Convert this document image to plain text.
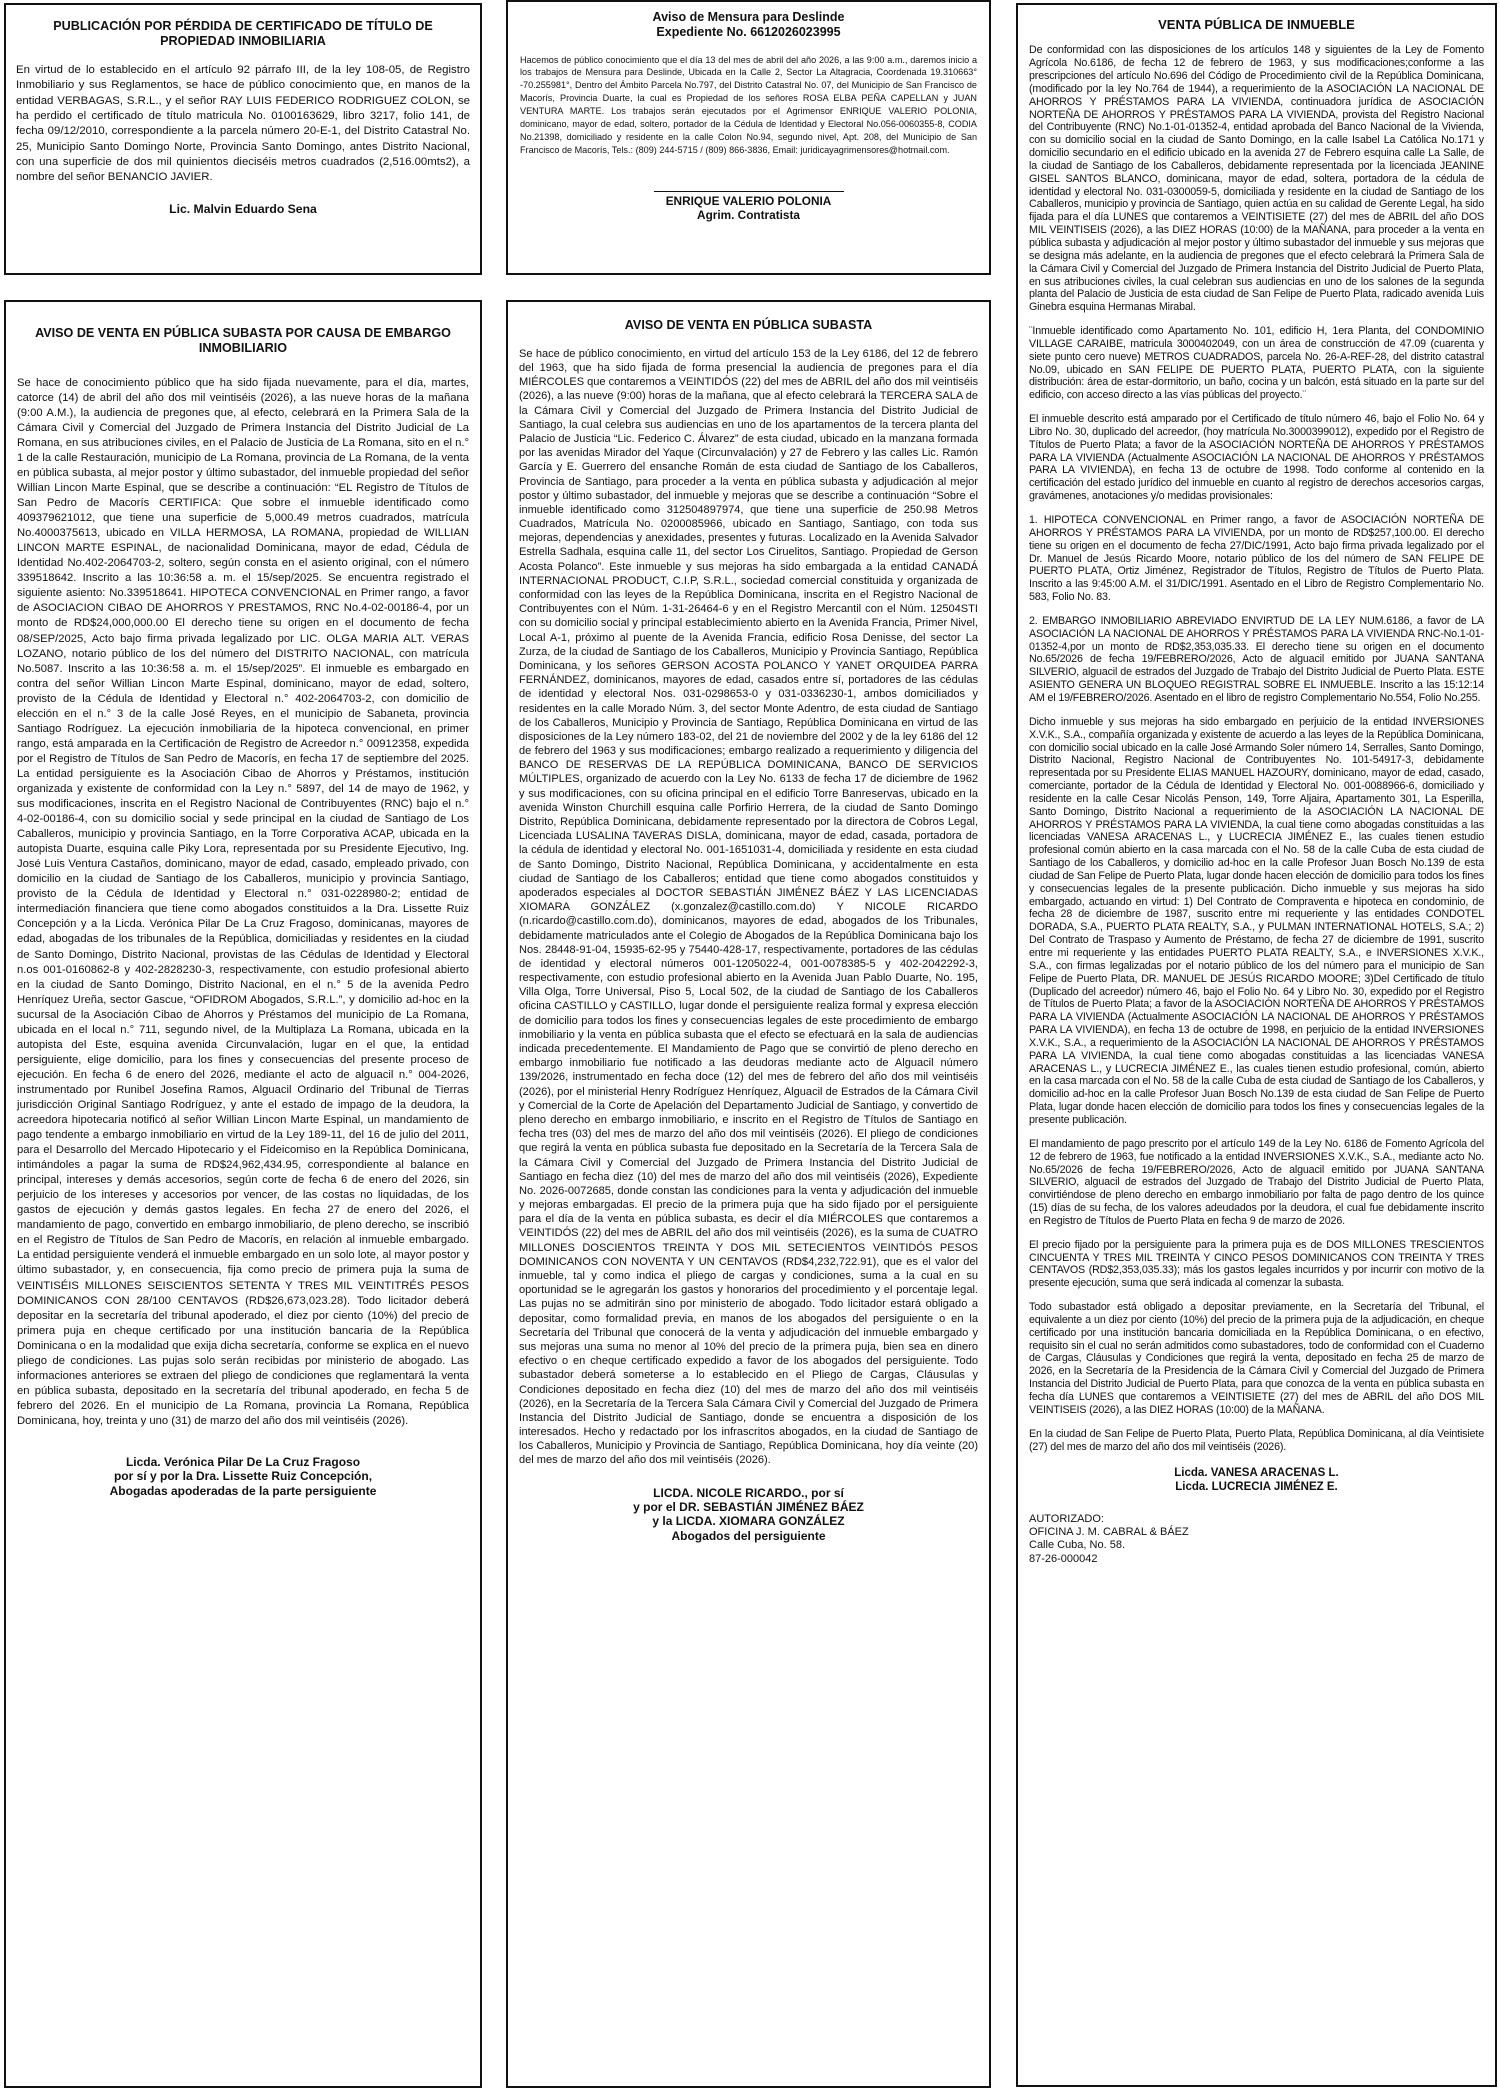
PUBLICACIÓN POR PÉRDIDA DE CERTIFICADO DE TÍTULO DE PROPIEDAD INMOBILIARIA

En virtud de lo establecido en el artículo 92 párrafo III, de la ley 108-05, de Registro Inmobiliario y sus Reglamentos, se hace de público conocimiento que, en manos de la entidad VERBAGAS, S.R.L., y el señor RAY LUIS FEDERICO RODRIGUEZ COLON, se ha perdido el certificado de título matricula No. 0100163629, libro 3217, folio 141, de fecha 09/12/2010, correspondiente a la parcela número 20-E-1, del Distrito Catastral No. 25, Municipio Santo Domingo Norte, Provincia Santo Domingo, antes Distrito Nacional, con una superficie de dos mil quinientos dieciséis metros cuadrados (2,516.00mts2), a nombre del señor BENANCIO JAVIER.

Lic. Malvin Eduardo Sena

Aviso de Mensura para Deslinde
Expediente No. 6612026023995

Hacemos de público conocimiento que el día 13 del mes de abril del año 2026, a las 9:00 a.m., daremos inicio a los trabajos de Mensura para Deslinde, Ubicada en la Calle 2, Sector La Altagracia, Coordenada 19.310663° -70.255981°, Dentro del Ámbito Parcela No.797, del Distrito Catastral No. 07, del Municipio de San Francisco de Macorís, Provincia Duarte, la cual es Propiedad de los señores ROSA ELBA PEÑA CAPELLAN y JUAN VENTURA MARTE. Los trabajos serán ejecutados por el Agrimensor ENRIQUE VALERIO POLONIA, dominicano, mayor de edad, soltero, portador de la Cédula de Identidad y Electoral No.056-0060355-8, CODIA No.21398, domiciliado y residente en la calle Colon No.94, segundo nivel, Apt. 208, del Municipio de San Francisco de Macorís, Tels.: (809) 244-5715 / (809) 866-3836, Email: juridicayagrimensores@hotmail.com.

ENRIQUE VALERIO POLONIA

Agrim. Contratista

VENTA PÚBLICA DE INMUEBLE

De conformidad con las disposiciones de los artículos 148 y siguientes de la Ley de Fomento Agrícola No.6186, de fecha 12 de febrero de 1963, y sus modificaciones;conforme a las prescripciones del artículo No.696 del Código de Procedimiento civil de la República Dominicana, (modificado por la ley No.764 de 1944), a requerimiento de la ASOCIACIÓN LA NACIONAL DE AHORROS Y PRÉSTAMOS PARA LA VIVIENDA, continuadora jurídica de ASOCIACIÓN NORTEÑA DE AHORROS Y PRÉSTAMOS PARA LA VIVIENDA, provista del Registro Nacional del Contribuyente (RNC) No.1-01-01352-4, entidad aprobada del Banco Nacional de la Vivienda, con su domicilio social en la ciudad de Santo Domingo, en la calle Isabel La Católica No.171 y domicilio secundario en el edificio ubicado en la avenida 27 de Febrero esquina calle La Salle, de la ciudad de Santiago de los Caballeros, debidamente representada por la licenciada JEANINE GISEL SANTOS BLANCO, dominicana, mayor de edad, soltera, portadora de la cédula de identidad y electoral No. 031-0300059-5, domiciliada y residente en la ciudad de Santiago de los Caballeros, municipio y provincia de Santiago, quien actúa en su calidad de Gerente Legal, ha sido fijada para el día LUNES que contaremos a VEINTISIETE (27) del mes de ABRIL del año DOS MIL VEINTISEIS (2026), a las DIEZ HORAS (10:00) de la MAÑANA, para proceder a la venta en pública subasta y adjudicación al mejor postor y último subastador del inmueble y sus mejoras que se designa más adelante, en la audiencia de pregones que el efecto celebrará la Primera Sala de la Cámara Civil y Comercial del Juzgado de Primera Instancia del Distrito Judicial de Puerto Plata, en sus atribuciones civiles, la cual celebran sus audiencias en uno de los salones de la segunda planta del Palacio de Justicia de esta ciudad de San Felipe de Puerto Plata, radicado avenida Luis Ginebra esquina Hermanas Mirabal.

¨Inmueble identificado como Apartamento No. 101, edificio H, 1era Planta, del CONDOMINIO VILLAGE CARAIBE, matricula 3000402049, con un área de construcción de 47.09 (cuarenta y siete punto cero nueve) METROS CUADRADOS, parcela No. 26-A-REF-28, del distrito catastral No.09, ubicado en SAN FELIPE DE PUERTO PLATA, PUERTO PLATA, con la siguiente distribución: área de estar-dormitorio, un baño, cocina y un balcón, está situado en la parte sur del edificio, con acceso directo a las vías públicas del proyecto.¨

El inmueble descrito está amparado por el Certificado de título número 46, bajo el Folio No. 64 y Libro No. 30, duplicado del acreedor, (hoy matrícula No.3000399012), expedido por el Registro de Títulos de Puerto Plata; a favor de la ASOCIACIÓN NORTEÑA DE AHORROS Y PRÉSTAMOS PARA LA VIVIENDA (Actualmente ASOCIACIÓN LA NACIONAL DE AHORROS Y PRÉSTAMOS PARA LA VIVIENDA), en fecha 13 de octubre de 1998. Todo conforme al contenido en la certificación del estado jurídico del inmueble en cuanto al registro de derechos accesorios cargas, gravámenes, anotaciones y/o medidas provisionales:

1. HIPOTECA CONVENCIONAL en Primer rango, a favor de ASOCIACIÓN NORTEÑA DE AHORROS Y PRÉSTAMOS PARA LA VIVIENDA, por un monto de RD$257,100.00. El derecho tiene su origen en el documento de fecha 27/DIC/1991, Acto bajo firma privada legalizado por el Dr. Manuel de Jesús Ricardo Moore, notario público de los del número de SAN FELIPE DE PUERTO PLATA, Ortiz Jiménez, Registrador de Títulos, Registro de Títulos de Puerto Plata. Inscrito a las 9:45:00 A.M. el 31/DIC/1991. Asentado en el Libro de Registro Complementario No. 583, Folio No. 83.

2. EMBARGO INMOBILIARIO ABREVIADO ENVIRTUD DE LA LEY NUM.6186, a favor de LA ASOCIACIÓN LA NACIONAL DE AHORROS Y PRÉSTAMOS PARA LA VIVIENDA RNC-No.1-01-01352-4,por un monto de RD$2,353,035.33. El derecho tiene su origen en el documento No.65/2026 de fecha 19/FEBRERO/2026, Acto de alguacil emitido por JUANA SANTANA SILVERIO, alguacil de estrados del Juzgado de Trabajo del Distrito Judicial de Puerto Plata. ESTE ASIENTO GENERA UN BLOQUEO REGISTRAL SOBRE EL INMUEBLE. Inscrito a las 15:12:14 AM el 19/FEBRERO/2026. Asentado en el libro de registro Complementario No.554, Folio No.255.

Dicho inmueble y sus mejoras ha sido embargado en perjuicio de la entidad INVERSIONES X.V.K., S.A., compañía organizada y existente de acuerdo a las leyes de la República Dominicana, con domicilio social ubicado en la calle José Armando Soler número 14, Serralles, Santo Domingo, Distrito Nacional, Registro Nacional de Contribuyentes No. 101-54917-3, debidamente representada por su Presidente ELIAS MANUEL HAZOURY, dominicano, mayor de edad, casado, comerciante, portador de la Cédula de Identidad y Electoral No. 001-0088966-6, domiciliado y residente en la calle Cesar Nicolás Penson, 149, Torre Aljaira, Apartamento 301, La Esperilla, Santo Domingo, Distrito Nacional a requerimiento de la ASOCIACIÓN LA NACIONAL DE AHORROS Y PRÉSTAMOS PARA LA VIVIENDA, la cual tiene como abogadas constituidas a las licenciadas VANESA ARACENAS L., y LUCRECIA JIMÉNEZ E., las cuales tienen estudio profesional común abierto en la casa marcada con el No. 58 de la calle Cuba de esta ciudad de Santiago de los Caballeros, y domicilio ad-hoc en la calle Profesor Juan Bosch No.139 de esta ciudad de San Felipe de Puerto Plata, lugar donde hacen elección de domicilio para todos los fines y consecuencias legales de la presente publicación. Dicho inmueble y sus mejoras ha sido embargado, actuando en virtud: 1) Del Contrato de Compraventa e hipoteca en condominio, de fecha 28 de diciembre de 1987, suscrito entre mi requeriente y las entidades CONDOTEL DORADA, S.A., PUERTO PLATA REALTY, S.A., y PULMAN INTERNATIONAL HOTELS, S.A.; 2) Del Contrato de Traspaso y Aumento de Préstamo, de fecha 27 de diciembre de 1991, suscrito entre mi requeriente y las entidades PUERTO PLATA REALTY, S.A., e INVERSIONES X.V.K., S.A., con firmas legalizadas por el notario público de los del número para el municipio de San Felipe de Puerto Plata, DR. MANUEL DE JESÚS RICARDO MOORE; 3)Del Certificado de título (Duplicado del acreedor) número 46, bajo el Folio No. 64 y Libro No. 30, expedido por el Registro de Títulos de Puerto Plata; a favor de la ASOCIACIÓN NORTEÑA DE AHORROS Y PRÉSTAMOS PARA LA VIVIENDA (Actualmente ASOCIACIÓN LA NACIONAL DE AHORROS Y PRÉSTAMOS PARA LA VIVIENDA), en fecha 13 de octubre de 1998, en perjuicio de la entidad INVERSIONES X.V.K., S.A., a requerimiento de la ASOCIACIÓN LA NACIONAL DE AHORROS Y PRÉSTAMOS PARA LA VIVIENDA, la cual tiene como abogadas constituidas a las licenciadas VANESA ARACENAS L., y LUCRECIA JIMÉNEZ E., las cuales tienen estudio profesional, común, abierto en la casa marcada con el No. 58 de la calle Cuba de esta ciudad de Santiago de los Caballeros, y domicilio ad-hoc en la calle Profesor Juan Bosch No.139 de esta ciudad de San Felipe de Puerto Plata, lugar donde hacen elección de domicilio para todos los fines y consecuencias legales de la presente publicación.

El mandamiento de pago prescrito por el artículo 149 de la Ley No. 6186 de Fomento Agrícola del 12 de febrero de 1963, fue notificado a la entidad INVERSIONES X.V.K., S.A., mediante acto No. No.65/2026 de fecha 19/FEBRERO/2026, Acto de alguacil emitido por JUANA SANTANA SILVERIO, alguacil de estrados del Juzgado de Trabajo del Distrito Judicial de Puerto Plata, convirtiéndose de pleno derecho en embargo inmobiliario por falta de pago dentro de los quince (15) días de su fecha, de los valores adeudados por la deudora, el cual fue debidamente inscrito en Registro de Títulos de Puerto Plata en fecha 9 de marzo de 2026.

El precio fijado por la persiguiente para la primera puja es de DOS MILLONES TRESCIENTOS CINCUENTA Y TRES MIL TREINTA Y CINCO PESOS DOMINICANOS CON TREINTA Y TRES CENTAVOS (RD$2,353,035.33); más los gastos legales incurridos y por incurrir con motivo de la presente ejecución, suma que será indicada al comenzar la subasta.

Todo subastador está obligado a depositar previamente, en la Secretaría del Tribunal, el equivalente a un diez por ciento (10%) del precio de la primera puja de la adjudicación, en cheque certificado por una institución bancaria domiciliada en la República Dominicana, o en efectivo, requisito sin el cual no serán admitidos como subastadores, todo de conformidad con el Cuaderno de Cargas, Cláusulas y Condiciones que regirá la venta, depositado en fecha 25 de marzo de 2026, en la Secretaría de la Presidencia de la Cámara Civil y Comercial del Juzgado de Primera Instancia del Distrito Judicial de Puerto Plata, para que conozca de la venta en pública subasta en fecha día LUNES que contaremos a VEINTISIETE (27) del mes de ABRIL del año DOS MIL VEINTISEIS (2026), a las DIEZ HORAS (10:00) de la MAÑANA.

En la ciudad de San Felipe de Puerto Plata, Puerto Plata, República Dominicana, al día Veintisiete (27) del mes de marzo del año dos mil veintiséis (2026).

Licda. VANESA ARACENAS L.

Licda. LUCRECIA JIMÉNEZ E.

AUTORIZADO:

OFICINA J. M. CABRAL & BÁEZ

Calle Cuba, No. 58.

87-26-000042

AVISO DE VENTA EN PÚBLICA SUBASTA POR CAUSA DE EMBARGO INMOBILIARIO

Se hace de conocimiento público que ha sido fijada nuevamente, para el día, martes, catorce (14) de abril del año dos mil veintiséis (2026), a las nueve horas de la mañana (9:00 A.M.), la audiencia de pregones que, al efecto, celebrará en la Primera Sala de la Cámara Civil y Comercial del Juzgado de Primera Instancia del Distrito Judicial de La Romana, en sus atribuciones civiles, en el Palacio de Justicia de La Romana, sito en el n.° 1 de la calle Restauración, municipio de La Romana, provincia de La Romana, de la venta en pública subasta, al mejor postor y último subastador, del inmueble propiedad del señor Willian Lincon Marte Espinal, que se describe a continuación: “EL Registro de Títulos de San Pedro de Macorís CERTIFICA: Que sobre el inmueble identificado como 409379621012, que tiene una superficie de 5,000.49 metros cuadrados, matrícula No.4000375613, ubicado en VILLA HERMOSA, LA ROMANA, propiedad de WILLIAN LINCON MARTE ESPINAL, de nacionalidad Dominicana, mayor de edad, Cédula de Identidad No.402-2064703-2, soltero, según consta en el asiento original, con el número 339518642. Inscrito a las 10:36:58 a. m. el 15/sep/2025. Se encuentra registrado el siguiente asiento: No.339518641. HIPOTECA CONVENCIONAL en Primer rango, a favor de ASOCIACION CIBAO DE AHORROS Y PRESTAMOS, RNC No.4-02-00186-4, por un monto de RD$24,000,000.00 El derecho tiene su origen en el documento de fecha 08/SEP/2025, Acto bajo firma privada legalizado por LIC. OLGA MARIA ALT. VERAS LOZANO, notario público de los del número del DISTRITO NACIONAL, con matrícula No.5087. Inscrito a las 10:36:58 a. m. el 15/sep/2025”. El inmueble es embargado en contra del señor Willian Lincon Marte Espinal, dominicano, mayor de edad, soltero, provisto de la Cédula de Identidad y Electoral n.° 402-2064703-2, con domicilio de elección en el n.° 3 de la calle José Reyes, en el municipio de Sabaneta, provincia Santiago Rodríguez. La ejecución inmobiliaria de la hipoteca convencional, en primer rango, está amparada en la Certificación de Registro de Acreedor n.° 00912358, expedida por el Registro de Títulos de San Pedro de Macorís, en fecha 17 de septiembre del 2025. La entidad persiguiente es la Asociación Cibao de Ahorros y Préstamos, institución organizada y existente de conformidad con la Ley n.° 5897, del 14 de mayo de 1962, y sus modificaciones, inscrita en el Registro Nacional de Contribuyentes (RNC) bajo el n.° 4-02-00186-4, con su domicilio social y sede principal en la ciudad de Santiago de Los Caballeros, municipio y provincia Santiago, en la Torre Corporativa ACAP, ubicada en la autopista Duarte, esquina calle Piky Lora, representada por su Presidente Ejecutivo, Ing. José Luis Ventura Castaños, dominicano, mayor de edad, casado, empleado privado, con domicilio en la ciudad de Santiago de los Caballeros, municipio y provincia Santiago, provisto de la Cédula de Identidad y Electoral n.° 031-0228980-2; entidad de intermediación financiera que tiene como abogados constituidos a la Dra. Lissette Ruiz Concepción y a la Licda. Verónica Pilar De La Cruz Fragoso, dominicanas, mayores de edad, abogadas de los tribunales de la República, domiciliadas y residentes en la ciudad de Santo Domingo, Distrito Nacional, provistas de las Cédulas de Identidad y Electoral n.os 001-0160862-8 y 402-2828230-3, respectivamente, con estudio profesional abierto en la ciudad de Santo Domingo, Distrito Nacional, en el n.° 5 de la avenida Pedro Henríquez Ureña, sector Gascue, “OFIDROM Abogados, S.R.L.”, y domicilio ad-hoc en la sucursal de la Asociación Cibao de Ahorros y Préstamos del municipio de La Romana, ubicada en el local n.° 711, segundo nivel, de la Multiplaza La Romana, ubicada en la autopista del Este, esquina avenida Circunvalación, lugar en el que, la entidad persiguiente, elige domicilio, para los fines y consecuencias del presente proceso de ejecución. En fecha 6 de enero del 2026, mediante el acto de alguacil n.° 004-2026, instrumentado por Runibel Josefina Ramos, Alguacil Ordinario del Tribunal de Tierras jurisdicción Original Santiago Rodríguez, y ante el estado de impago de la deudora, la acreedora hipotecaria notificó al señor Willian Lincon Marte Espinal, un mandamiento de pago tendente a embargo inmobiliario en virtud de la Ley 189-11, del 16 de julio del 2011, para el Desarrollo del Mercado Hipotecario y el Fideicomiso en la República Dominicana, intimándoles a pagar la suma de RD$24,962,434.95, correspondiente al balance en principal, intereses y demás accesorios, según corte de fecha 6 de enero del 2026, sin perjuicio de los intereses y accesorios por vencer, de las costas no liquidadas, de los gastos de ejecución y demás gastos legales. En fecha 27 de enero del 2026, el mandamiento de pago, convertido en embargo inmobiliario, de pleno derecho, se inscribió en el Registro de Títulos de San Pedro de Macorís, en relación al inmueble embargado. La entidad persiguiente venderá el inmueble embargado en un solo lote, al mayor postor y último subastador, y, en consecuencia, fija como precio de primera puja la suma de VEINTISÉIS MILLONES SEISCIENTOS SETENTA Y TRES MIL VEINTITRÉS PESOS DOMINICANOS CON 28/100 CENTAVOS (RD$26,673,023.28). Todo licitador deberá depositar en la secretaría del tribunal apoderado, el diez por ciento (10%) del precio de primera puja en cheque certificado por una institución bancaria de la República Dominicana o en la modalidad que exija dicha secretaría, conforme se explica en el nuevo pliego de condiciones. Las pujas solo serán recibidas por ministerio de abogado. Las informaciones anteriores se extraen del pliego de condiciones que reglamentará la venta en pública subasta, depositado en la secretaría del tribunal apoderado, en fecha 5 de febrero del 2026. En el municipio de La Romana, provincia La Romana, República Dominicana, hoy, treinta y uno (31) de marzo del año dos mil veintiséis (2026).

Licda. Verónica Pilar De La Cruz Fragoso

por sí y por la Dra. Lissette Ruiz Concepción,

Abogadas apoderadas de la parte persiguiente

AVISO DE VENTA EN PÚBLICA SUBASTA

Se hace de público conocimiento, en virtud del artículo 153 de la Ley 6186, del 12 de febrero del 1963, que ha sido fijada de forma presencial la audiencia de pregones para el día MIÉRCOLES que contaremos a VEINTIDÓS (22) del mes de ABRIL del año dos mil veintiséis (2026), a las nueve (9:00) horas de la mañana, que al efecto celebrará la TERCERA SALA de la Cámara Civil y Comercial del Juzgado de Primera Instancia del Distrito Judicial de Santiago, la cual celebra sus audiencias en uno de los apartamentos de la tercera planta del Palacio de Justicia “Lic. Federico C. Álvarez” de esta ciudad, ubicado en la manzana formada por las avenidas Mirador del Yaque (Circunvalación) y 27 de Febrero y las calles Lic. Ramón García y E. Guerrero del ensanche Román de esta ciudad de Santiago de los Caballeros, Provincia de Santiago, para proceder a la venta en pública subasta y adjudicación al mejor postor y último subastador, del inmueble y mejoras que se describe a continuación “Sobre el inmueble identificado como 312504897974, que tiene una superficie de 250.98 Metros Cuadrados, Matrícula No. 0200085966, ubicado en Santiago, Santiago, con toda sus mejoras, dependencias y anexidades, presentes y futuras. Localizado en la Avenida Salvador Estrella Sadhala, esquina calle 11, del sector Los Ciruelitos, Santiago. Propiedad de Gerson Acosta Polanco”. Este inmueble y sus mejoras ha sido embargada a la entidad CANADÁ INTERNACIONAL PRODUCT, C.I.P, S.R.L., sociedad comercial constituida y organizada de conformidad con las leyes de la República Dominicana, inscrita en el Registro Nacional de Contribuyentes con el Núm. 1-31-26464-6 y en el Registro Mercantil con el Núm. 12504STI con su domicilio social y principal establecimiento abierto en la Avenida Francia, Primer Nivel, Local A-1, próximo al puente de la Avenida Francia, edificio Rosa Denisse, del sector La Zurza, de la ciudad de Santiago de los Caballeros, Municipio y Provincia Santiago, República Dominicana, y los señores GERSON ACOSTA POLANCO Y YANET ORQUIDEA PARRA FERNÁNDEZ, dominicanos, mayores de edad, casados entre sí, portadores de las cédulas de identidad y electoral Nos. 031-0298653-0 y 031-0336230-1, ambos domiciliados y residentes en la calle Morado Núm. 3, del sector Monte Adentro, de esta ciudad de Santiago de los Caballeros, Municipio y Provincia de Santiago, República Dominicana en virtud de las disposiciones de la Ley número 183-02, del 21 de noviembre del 2002 y de la ley 6186 del 12 de febrero del 1963 y sus modificaciones; embargo realizado a requerimiento y diligencia del BANCO DE RESERVAS DE LA REPÚBLICA DOMINICANA, BANCO DE SERVICIOS MÚLTIPLES, organizado de acuerdo con la Ley No. 6133 de fecha 17 de diciembre de 1962 y sus modificaciones, con su oficina principal en el edificio Torre Banreservas, ubicado en la avenida Winston Churchill esquina calle Porfirio Herrera, de la ciudad de Santo Domingo Distrito, República Dominicana, debidamente representado por la directora de Cobros Legal, Licenciada LUSALINA TAVERAS DISLA, dominicana, mayor de edad, casada, portadora de la cédula de identidad y electoral No. 001-1651031-4, domiciliada y residente en esta ciudad de Santo Domingo, Distrito Nacional, República Dominicana, y accidentalmente en esta ciudad de Santiago de los Caballeros; entidad que tiene como abogados constituidos y apoderados especiales al DOCTOR SEBASTIÁN JIMÉNEZ BÁEZ Y LAS LICENCIADAS XIOMARA GONZÁLEZ (x.gonzalez@castillo.com.do) Y NICOLE RICARDO (n.ricardo@castillo.com.do), dominicanos, mayores de edad, abogados de los Tribunales, debidamente matriculados ante el Colegio de Abogados de la República Dominicana bajo los Nos. 28448-91-04, 15935-62-95 y 75440-428-17, respectivamente, portadores de las cédulas de identidad y electoral números 001-1205022-4, 001-0078385-5 y 402-2042292-3, respectivamente, con estudio profesional abierto en la Avenida Juan Pablo Duarte, No. 195, Villa Olga, Torre Universal, Piso 5, Local 502, de la ciudad de Santiago de los Caballeros oficina CASTILLO y CASTILLO, lugar donde el persiguiente realiza formal y expresa elección de domicilio para todos los fines y consecuencias legales de este procedimiento de embargo inmobiliario y la venta en pública subasta que el efecto se efectuará en la sala de audiencias indicada precedentemente. El Mandamiento de Pago que se convirtió de pleno derecho en embargo inmobiliario fue notificado a las deudoras mediante acto de Alguacil número 139/2026, instrumentado en fecha doce (12) del mes de febrero del año dos mil veintiséis (2026), por el ministerial Henry Rodríguez Henríquez, Alguacil de Estrados de la Cámara Civil y Comercial de la Corte de Apelación del Departamento Judicial de Santiago, y convertido de pleno derecho en embargo inmobiliario, e inscrito en el Registro de Títulos de Santiago en fecha tres (03) del mes de marzo del año dos mil veintiséis (2026). El pliego de condiciones que regirá la venta en pública subasta fue depositado en la Secretaría de la Tercera Sala de la Cámara Civil y Comercial del Juzgado de Primera Instancia del Distrito Judicial de Santiago en fecha diez (10) del mes de marzo del año dos mil veintiséis (2026), Expediente No. 2026-0072685, donde constan las condiciones para la venta y adjudicación del inmueble y mejoras embargadas. El precio de la primera puja que ha sido fijado por el persiguiente para el día de la venta en pública subasta, es decir el día MIÉRCOLES que contaremos a VEINTIDÓS (22) del mes de ABRIL del año dos mil veintiséis (2026), es la suma de CUATRO MILLONES DOSCIENTOS TREINTA Y DOS MIL SETECIENTOS VEINTIDÓS PESOS DOMINICANOS CON NOVENTA Y UN CENTAVOS (RD$4,232,722.91), que es el valor del inmueble, tal y como indica el pliego de cargas y condiciones, suma a la cual en su oportunidad se le agregarán los gastos y honorarios del procedimiento y el porcentaje legal. Las pujas no se admitirán sino por ministerio de abogado. Todo licitador estará obligado a depositar, como formalidad previa, en manos de los abogados del persiguiente o en la Secretaría del Tribunal que conocerá de la venta y adjudicación del inmueble embargado y sus mejoras una suma no menor al 10% del precio de la primera puja, bien sea en dinero efectivo o en cheque certificado expedido a favor de los abogados del persiguiente. Todo subastador deberá someterse a lo establecido en el Pliego de Cargas, Cláusulas y Condiciones depositado en fecha diez (10) del mes de marzo del año dos mil veintiséis (2026), en la Secretaría de la Tercera Sala Cámara Civil y Comercial del Juzgado de Primera Instancia del Distrito Judicial de Santiago, donde se encuentra a disposición de los interesados. Hecho y redactado por los infrascritos abogados, en la ciudad de Santiago de los Caballeros, Municipio y Provincia de Santiago, República Dominicana, hoy día veinte (20) del mes de marzo del año dos mil veintiséis (2026).

LICDA. NICOLE RICARDO., por sí

y por el DR. SEBASTIÁN JIMÉNEZ BÁEZ

y la LICDA. XIOMARA GONZÁLEZ

Abogados del persiguiente
